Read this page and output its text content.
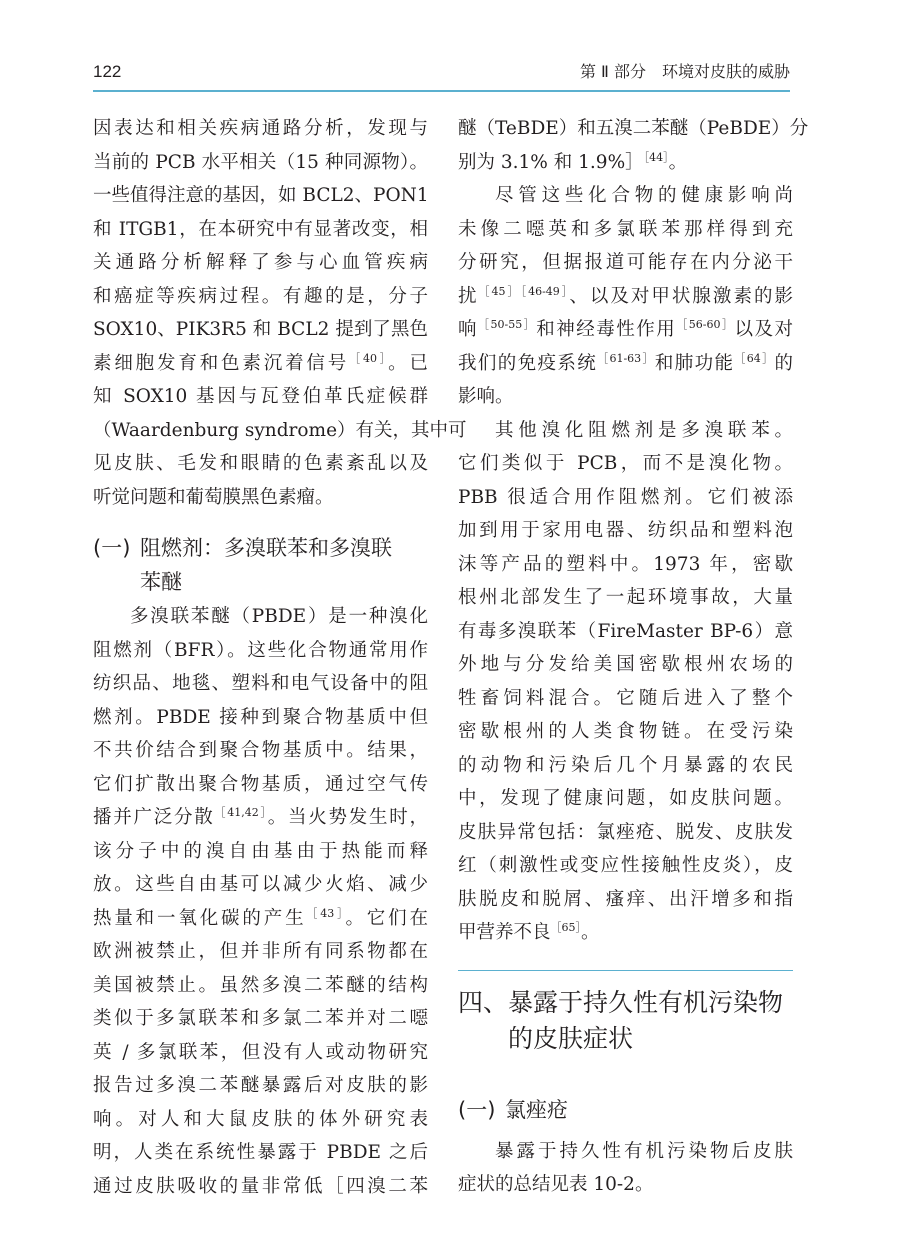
122	第 Ⅱ 部分　环境对皮肤的威胁
因表达和相关疾病通路分析，发现与
当前的 PCB 水平相关（15 种同源物）。
一些值得注意的基因，如 BCL2、PON1
和 ITGB1，在本研究中有显著改变，相
关通路分析解释了参与心血管疾病
和癌症等疾病过程。有趣的是，分子
SOX10、PIK3R5 和 BCL2 提到了黑色
素细胞发育和色素沉着信号$^{[40]}$。已
知 SOX10 基因与瓦登伯革氏症候群
（Waardenburg syndrome）有关，其中可
见皮肤、毛发和眼睛的色素紊乱以及
听觉问题和葡萄膜黑色素瘤。
(一) 阻燃剂：多溴联苯和多溴联
苯醚
多溴联苯醚（PBDE）是一种溴化
阻燃剂（BFR）。这些化合物通常用作
纺织品、地毯、塑料和电气设备中的阻
燃剂。PBDE 接种到聚合物基质中但
不共价结合到聚合物基质中。结果，
它们扩散出聚合物基质，通过空气传
播并广泛分散$^{[41,42]}$。当火势发生时，
该分子中的溴自由基由于热能而释
放。这些自由基可以减少火焰、减少
热量和一氧化碳的产生$^{[43]}$。它们在
欧洲被禁止，但并非所有同系物都在
美国被禁止。虽然多溴二苯醚的结构
类似于多氯联苯和多氯二苯并对二噁
英 / 多氯联苯，但没有人或动物研究
报告过多溴二苯醚暴露后对皮肤的影
响。对人和大鼠皮肤的体外研究表
明，人类在系统性暴露于 PBDE 之后
通过皮肤吸收的量非常低［四溴二苯
醚（TeBDE）和五溴二苯醚（PeBDE）分
别为 3.1% 和 1.9%］$^{[44]}$。
尽管这些化合物的健康影响尚
未像二噁英和多氯联苯那样得到充
分研究，但据报道可能存在内分泌干
扰$^{[45][46-49]}$、以及对甲状腺激素的影
响$^{[50-55]}$和神经毒性作用$^{[56-60]}$以及对
我们的免疫系统$^{[61-63]}$和肺功能$^{[64]}$的
影响。
其他溴化阻燃剂是多溴联苯。
它们类似于 PCB，而不是溴化物。
PBB 很适合用作阻燃剂。它们被添
加到用于家用电器、纺织品和塑料泡
沫等产品的塑料中。1973 年，密歇
根州北部发生了一起环境事故，大量
有毒多溴联苯（FireMaster BP-6）意
外地与分发给美国密歇根州农场的
牲畜饲料混合。它随后进入了整个
密歇根州的人类食物链。在受污染
的动物和污染后几个月暴露的农民
中，发现了健康问题，如皮肤问题。
皮肤异常包括：氯痤疮、脱发、皮肤发
红（刺激性或变应性接触性皮炎），皮
肤脱皮和脱屑、瘙痒、出汗增多和指
甲营养不良$^{[65]}$。
四、暴露于持久性有机污染物
的皮肤症状
(一) 氯痤疮
暴露于持久性有机污染物后皮肤
症状的总结见表 10-2。
